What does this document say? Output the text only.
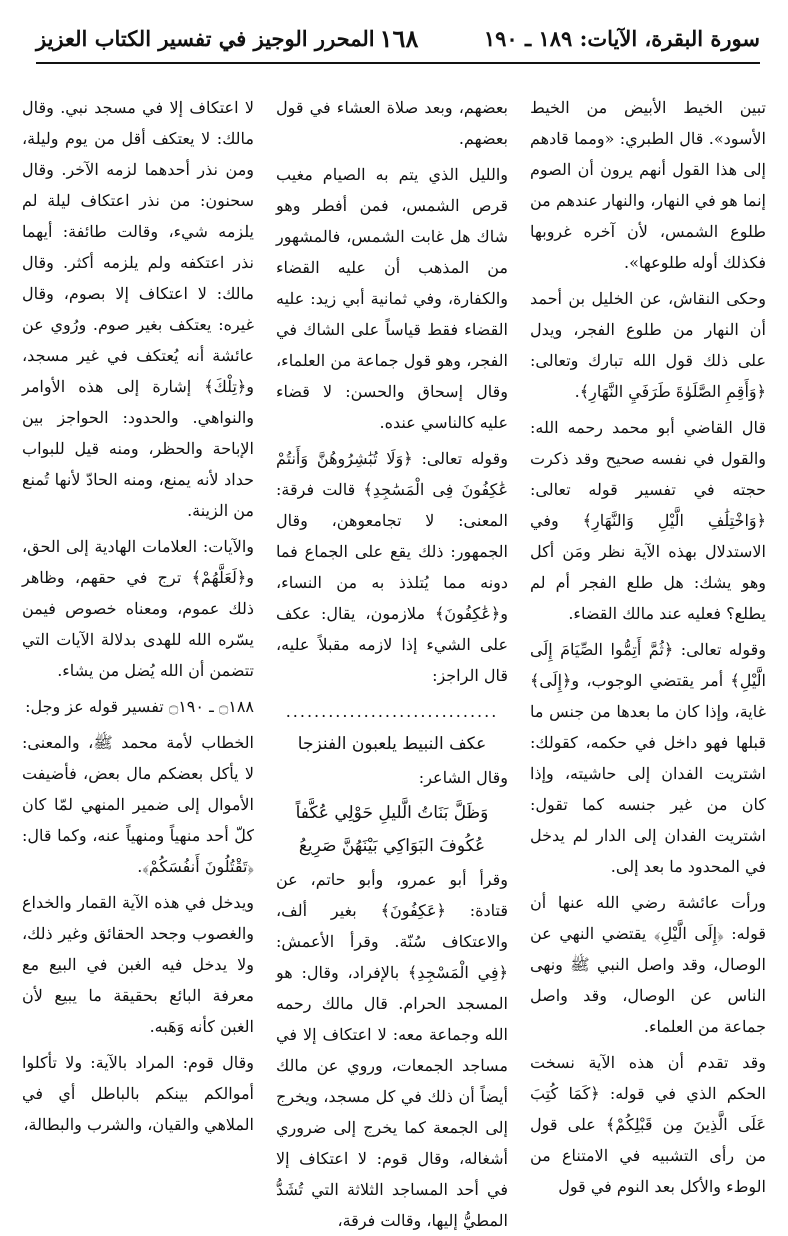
سورة البقرة، الآيات: ١٨٩ ـ ١٩٠
١٦٨
المحرر الوجيز في تفسير الكتاب العزيز

تبين الخيط الأبيض من الخيط الأسود». قال الطبري: «ومما قادهم إلى هذا القول أنهم يرون أن الصوم إنما هو في النهار، والنهار عندهم من طلوع الشمس، لأن آخره غروبها فكذلك أوله طلوعها».

وحكى النقاش، عن الخليل بن أحمد أن النهار من طلوع الفجر، ويدل على ذلك قول الله تبارك وتعالى: ﴿وَأَقِمِ الصَّلَوٰةَ طَرَفَيِ النَّهَارِ﴾.

قال القاضي أبو محمد رحمه الله: والقول في نفسه صحيح وقد ذكرت حجته في تفسير قوله تعالى: ﴿وَاخْتِلَٰفِ الَّيْلِ وَالنَّهَارِ﴾ وفي الاستدلال بهذه الآية نظر ومَن أكل وهو يشك: هل طلع الفجر أم لم يطلع؟ فعليه عند مالك القضاء.

وقوله تعالى: ﴿ثُمَّ أَتِمُّوا الصِّيَامَ إِلَى الَّيْلِ﴾ أمر يقتضي الوجوب، و﴿إِلَى﴾ غاية، وإذا كان ما بعدها من جنس ما قبلها فهو داخل في حكمه، كقولك: اشتريت الفدان إلى حاشيته، وإذا كان من غير جنسه كما تقول: اشتريت الفدان إلى الدار لم يدخل في المحدود ما بعد إلى.

ورأت عائشة رضي الله عنها أن قوله: ﴿إِلَى الَّيْلِ﴾ يقتضي النهي عن الوصال، وقد واصل النبي ﷺ ونهى الناس عن الوصال، وقد واصل جماعة من العلماء.

وقد تقدم أن هذه الآية نسخت الحكم الذي في قوله: ﴿كَمَا كُتِبَ عَلَى الَّذِينَ مِن قَبْلِكُمْ﴾ على قول من رأى التشبيه في الامتناع من الوطء والأكل بعد النوم في قول

بعضهم، وبعد صلاة العشاء في قول بعضهم.

والليل الذي يتم به الصيام مغيب قرص الشمس، فمن أفطر وهو شاك هل غابت الشمس، فالمشهور من المذهب أن عليه القضاء والكفارة، وفي ثمانية أبي زيد: عليه القضاء فقط قياساً على الشاك في الفجر، وهو قول جماعة من العلماء، وقال إسحاق والحسن: لا قضاء عليه كالناسي عنده.

وقوله تعالى: ﴿وَلَا تُبَٰشِرُوهُنَّ وَأَنتُمْ عَٰكِفُونَ فِى الْمَسَٰجِدِ﴾ قالت فرقة: المعنى: لا تجامعوهن، وقال الجمهور: ذلك يقع على الجماع فما دونه مما يُتلذذ به من النساء، و﴿عَٰكِفُونَ﴾ ملازمون، يقال: عكف على الشيء إذا لازمه مقبلاً عليه، قال الراجز:

..............................

عكف النبيط يلعبون الفنزجا

وقال الشاعر:

وَظَلَّ بَنَاتُ الَّليلِ حَوْلِي عُكَّفاً

عُكُوفَ البَوَاكِي بَيْنَهُنَّ صَرِيعُ

وقرأ أبو عمرو، وأبو حاتم، عن قتادة: ﴿عَكِفُونَ﴾ بغير ألف، والاعتكاف سُنّة. وقرأ الأعمش: ﴿فِي الْمَسْجِدِ﴾ بالإفراد، وقال: هو المسجد الحرام. قال مالك رحمه الله وجماعة معه: لا اعتكاف إلا في مساجد الجمعات، وروي عن مالك أيضاً أن ذلك في كل مسجد، ويخرج إلى الجمعة كما يخرج إلى ضروري أشغاله، وقال قوم: لا اعتكاف إلا في أحد المساجد الثلاثة التي تُشَدُّ المطيُّ إليها، وقالت فرقة،

لا اعتكاف إلا في مسجد نبي. وقال مالك: لا يعتكف أقل من يوم وليلة، ومن نذر أحدهما لزمه الآخر. وقال سحنون: من نذر اعتكاف ليلة لم يلزمه شيء، وقالت طائفة: أيهما نذر اعتكفه ولم يلزمه أكثر. وقال مالك: لا اعتكاف إلا بصوم، وقال غيره: يعتكف بغير صوم. ورُوي عن عائشة أنه يُعتكف في غير مسجد، و﴿تِلْكَ﴾ إشارة إلى هذه الأوامر والنواهي. والحدود: الحواجز بين الإباحة والحظر، ومنه قيل للبواب حداد لأنه يمنع، ومنه الحادّ لأنها تُمنع من الزينة.

والآيات: العلامات الهادية إلى الحق، و﴿لَعَلَّهُمْ﴾ ترج في حقهم، وظاهر ذلك عموم، ومعناه خصوص فيمن يسّره الله للهدى بدلالة الآيات التي تتضمن أن الله يُضل من يشاء.

۝١٨٨ ـ ۝١٩٠ تفسير قوله عز وجل:

الخطاب لأمة محمد ﷺ، والمعنى: لا يأكل بعضكم مال بعض، فأضيفت الأموال إلى ضمير المنهي لمّا كان كلّ أحد منهياً ومنهياً عنه، وكما قال: ﴿تَقْتُلُونَ أَنفُسَكُمْ﴾.

ويدخل في هذه الآية القمار والخداع والغصوب وجحد الحقائق وغير ذلك، ولا يدخل فيه الغبن في البيع مع معرفة البائع بحقيقة ما يبيع لأن الغبن كأنه وَهَبه.

وقال قوم: المراد بالآية: ولا تأكلوا أموالكم بينكم بالباطل أي في الملاهي والقيان، والشرب والبطالة،
